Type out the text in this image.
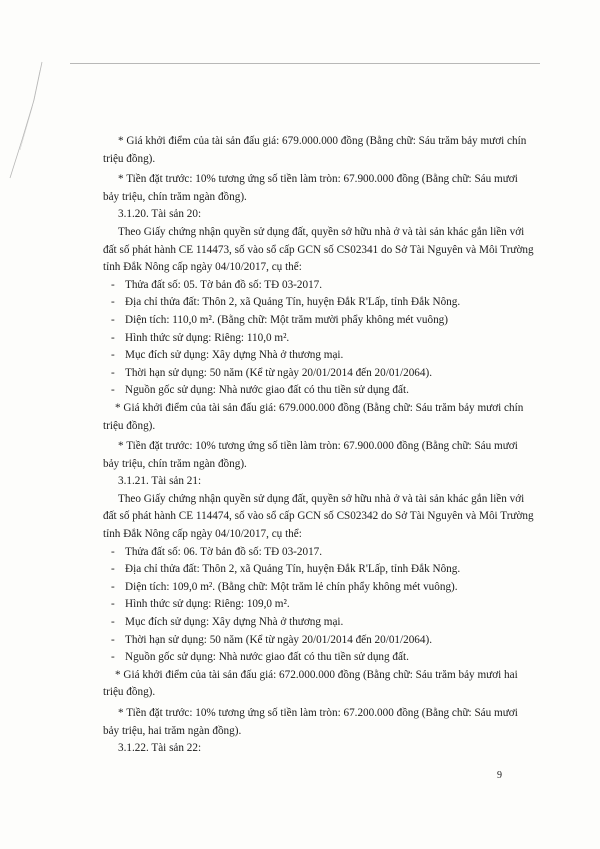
* Giá khởi điểm của tài sản đấu giá: 679.000.000 đồng (Bằng chữ: Sáu trăm bảy mươi chín triệu đồng).

* Tiền đặt trước: 10% tương ứng số tiền làm tròn: 67.900.000 đồng (Bằng chữ: Sáu mươi bảy triệu, chín trăm ngàn đồng).

3.1.20. Tài sản 20:

Theo Giấy chứng nhận quyền sử dụng đất, quyền sở hữu nhà ở và tài sản khác gắn liền với đất số phát hành CE 114473, số vào sổ cấp GCN số CS02341 do Sở Tài Nguyên và Môi Trường tỉnh Đắk Nông cấp ngày 04/10/2017, cụ thể:

- Thửa đất số: 05. Tờ bản đồ số: TĐ 03-2017.

- Địa chỉ thửa đất: Thôn 2, xã Quảng Tín, huyện Đắk R'Lấp, tỉnh Đắk Nông.

- Diện tích: 110,0 m². (Bằng chữ: Một trăm mười phẩy không mét vuông)

- Hình thức sử dụng: Riêng: 110,0 m².

- Mục đích sử dụng: Xây dựng Nhà ở thương mại.

- Thời hạn sử dụng: 50 năm (Kể từ ngày 20/01/2014 đến 20/01/2064).

- Nguồn gốc sử dụng: Nhà nước giao đất có thu tiền sử dụng đất.

* Giá khởi điểm của tài sản đấu giá: 679.000.000 đồng (Bằng chữ: Sáu trăm bảy mươi chín triệu đồng).

* Tiền đặt trước: 10% tương ứng số tiền làm tròn: 67.900.000 đồng (Bằng chữ: Sáu mươi bảy triệu, chín trăm ngàn đồng).

3.1.21. Tài sản 21:

Theo Giấy chứng nhận quyền sử dụng đất, quyền sở hữu nhà ở và tài sản khác gắn liền với đất số phát hành CE 114474, số vào sổ cấp GCN số CS02342 do Sở Tài Nguyên và Môi Trường tỉnh Đắk Nông cấp ngày 04/10/2017, cụ thể:

- Thửa đất số: 06. Tờ bản đồ số: TĐ 03-2017.

- Địa chỉ thửa đất: Thôn 2, xã Quảng Tín, huyện Đắk R'Lấp, tỉnh Đắk Nông.

- Diện tích: 109,0 m². (Bằng chữ: Một trăm lẻ chín phẩy không mét vuông).

- Hình thức sử dụng: Riêng: 109,0 m².

- Mục đích sử dụng: Xây dựng Nhà ở thương mại.

- Thời hạn sử dụng: 50 năm (Kể từ ngày 20/01/2014 đến 20/01/2064).

- Nguồn gốc sử dụng: Nhà nước giao đất có thu tiền sử dụng đất.

* Giá khởi điểm của tài sản đấu giá: 672.000.000 đồng (Bằng chữ: Sáu trăm bảy mươi hai triệu đồng).

* Tiền đặt trước: 10% tương ứng số tiền làm tròn: 67.200.000 đồng (Bằng chữ: Sáu mươi bảy triệu, hai trăm ngàn đồng).

3.1.22. Tài sản 22:

9
